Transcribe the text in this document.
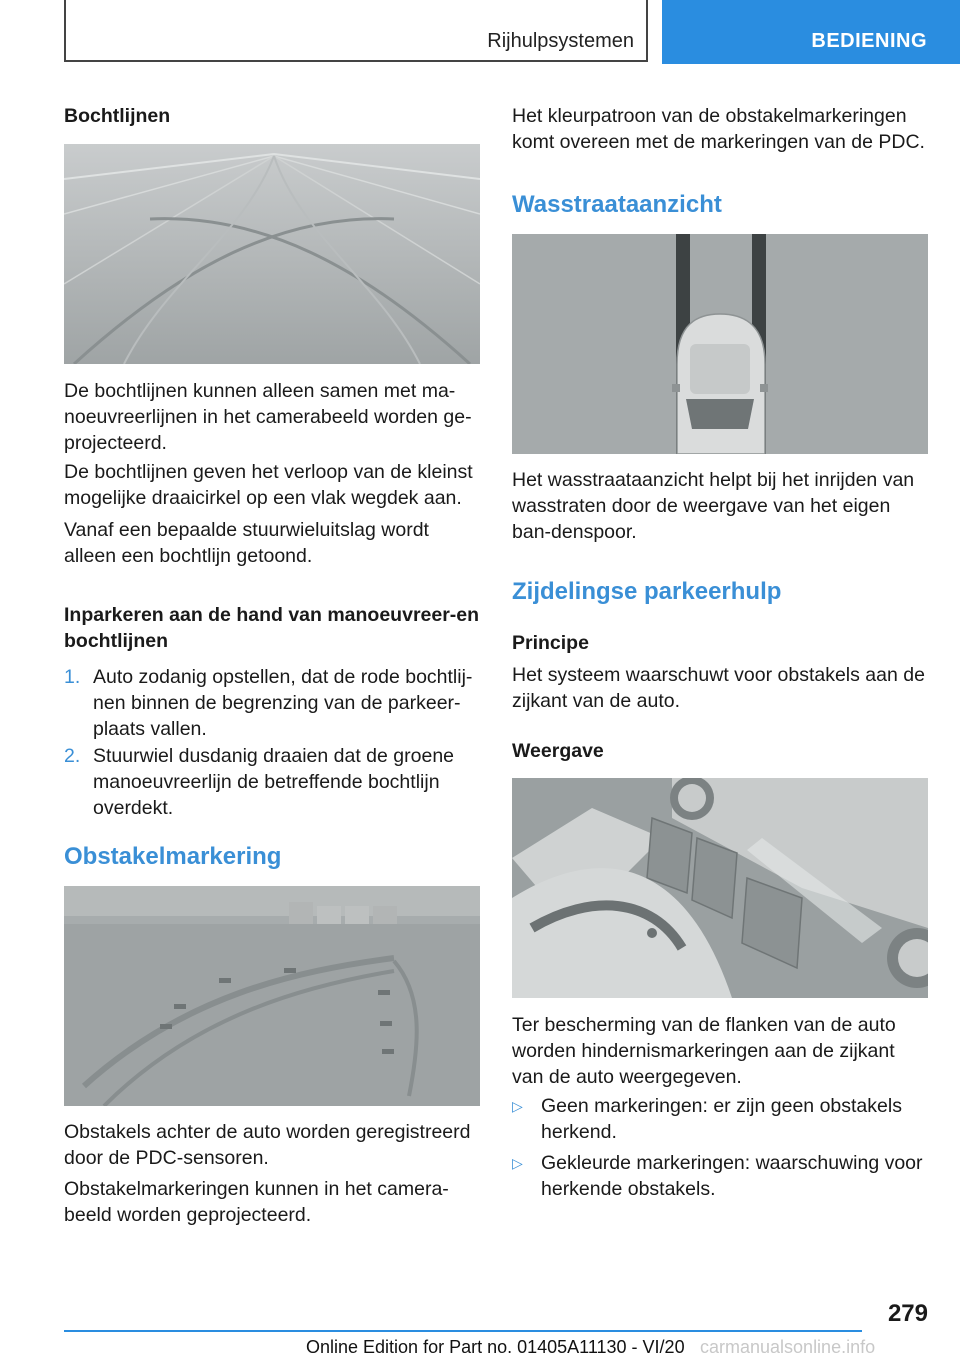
Rijhulpsystemen	BEDIENING
Bochtlijnen
De bochtlijnen kunnen alleen samen met ma-noeuvreerlijnen in het camerabeeld worden ge-projecteerd.
De bochtlijnen geven het verloop van de kleinst mogelijke draaicirkel op een vlak wegdek aan.
Vanaf een bepaalde stuurwieluitslag wordt alleen een bochtlijn getoond.
Inparkeren aan de hand van manoeuvreer-en bochtlijnen
1. Auto zodanig opstellen, dat de rode bochtlij-nen binnen de begrenzing van de parkeer-plaats vallen.
2. Stuurwiel dusdanig draaien dat de groene manoeuvreerlijn de betreffende bochtlijn overdekt.
Obstakelmarkering
Obstakels achter de auto worden geregistreerd door de PDC-sensoren.
Obstakelmarkeringen kunnen in het camera-beeld worden geprojecteerd.
Het kleurpatroon van de obstakelmarkeringen komt overeen met de markeringen van de PDC.
Wasstraataanzicht
Het wasstraataanzicht helpt bij het inrijden van wasstraten door de weergave van het eigen ban-denspoor.
Zijdelingse parkeerhulp
Principe
Het systeem waarschuwt voor obstakels aan de zijkant van de auto.
Weergave
Ter bescherming van de flanken van de auto worden hindernismarkeringen aan de zijkant van de auto weergegeven.
▷ Geen markeringen: er zijn geen obstakels herkend.
▷ Gekleurde markeringen: waarschuwing voor herkende obstakels.
279
Online Edition for Part no. 01405A11130 - VI/20 carmanualsonline.info
